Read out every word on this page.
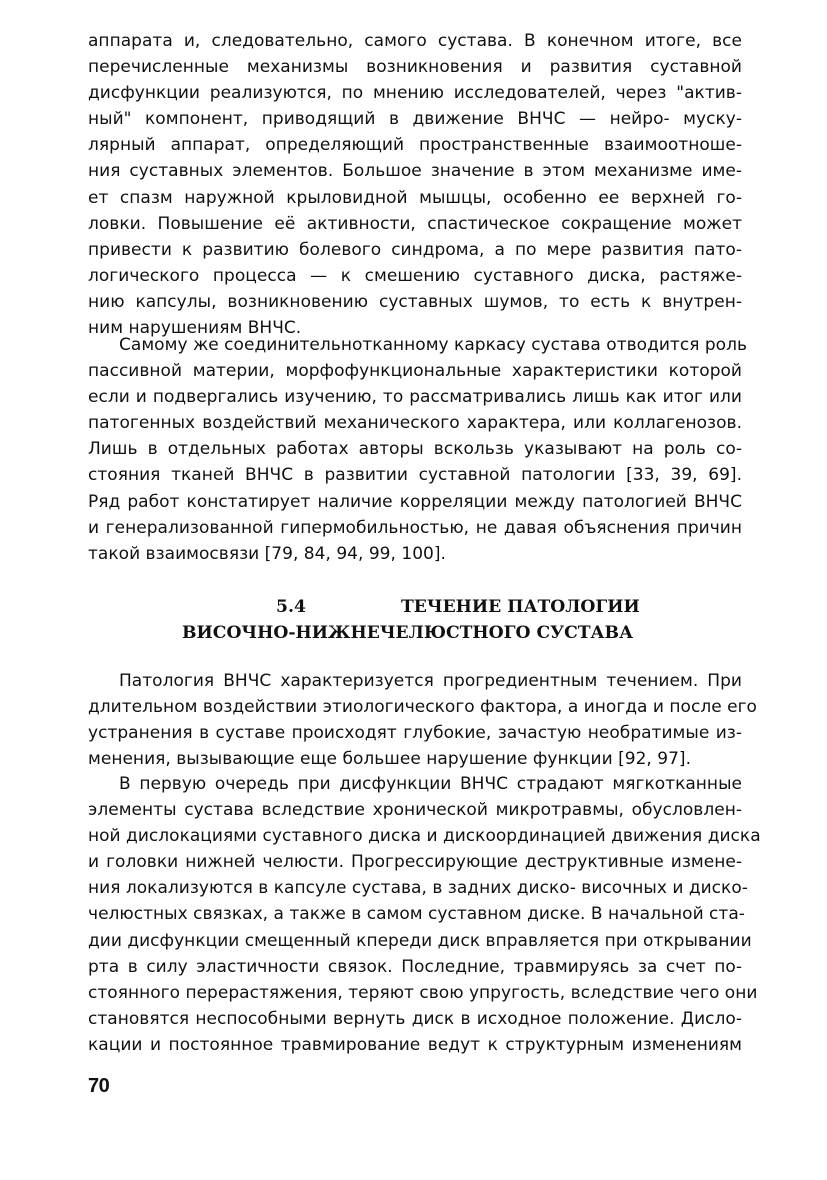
аппарата и, следовательно, самого сустава. В конечном итоге, все
перечисленные механизмы возникновения и развития суставной
дисфункции реализуются, по мнению исследователей, через "актив-
ный" компонент, приводящий в движение ВНЧС — нейро- муску-
лярный аппарат, определяющий пространственные взаимоотноше-
ния суставных элементов. Большое значение в этом механизме име-
ет спазм наружной крыловидной мышцы, особенно ее верхней го-
ловки. Повышение её активности, спастическое сокращение может
привести к развитию болевого синдрома, а по мере развития пато-
логического процесса — к смешению суставного диска, растяже-
нию капсулы, возникновению суставных шумов, то есть к внутрен-
ним нарушениям ВНЧС.
Самому же соединительнотканному каркасу сустава отводится роль
пассивной материи, морфофункциональные характеристики которой
если и подвергались изучению, то рассматривались лишь как итог или
патогенных воздействий механического характера, или коллагенозов.
Лишь в отдельных работах авторы вскользь указывают на роль со-
стояния тканей ВНЧС в развитии суставной патологии [33, 39, 69].
Ряд работ констатирует наличие корреляции между патологией ВНЧС
и генерализованной гипермобильностью, не давая объяснения причин
такой взаимосвязи [79, 84, 94, 99, 100].
5.4	ТЕЧЕНИЕ ПАТОЛОГИИ
ВИСОЧНО-НИЖНЕЧЕЛЮСТНОГО СУСТАВА
Патология ВНЧС характеризуется прогредиентным течением. При
длительном воздействии этиологического фактора, а иногда и после его
устранения в суставе происходят глубокие, зачастую необратимые из-
менения, вызывающие еще большее нарушение функции [92, 97].
В первую очередь при дисфункции ВНЧС страдают мягкотканные
элементы сустава вследствие хронической микротравмы, обусловлен-
ной дислокациями суставного диска и дискоординацией движения диска
и головки нижней челюсти. Прогрессирующие деструктивные измене-
ния локализуются в капсуле сустава, в задних диско- височных и диско-
челюстных связках, а также в самом суставном диске. В начальной ста-
дии дисфункции смещенный кпереди диск вправляется при открывании
рта в силу эластичности связок. Последние, травмируясь за счет по-
стоянного перерастяжения, теряют свою упругость, вследствие чего они
становятся неспособными вернуть диск в исходное положение. Дисло-
кации и постоянное травмирование ведут к структурным изменениям
70
